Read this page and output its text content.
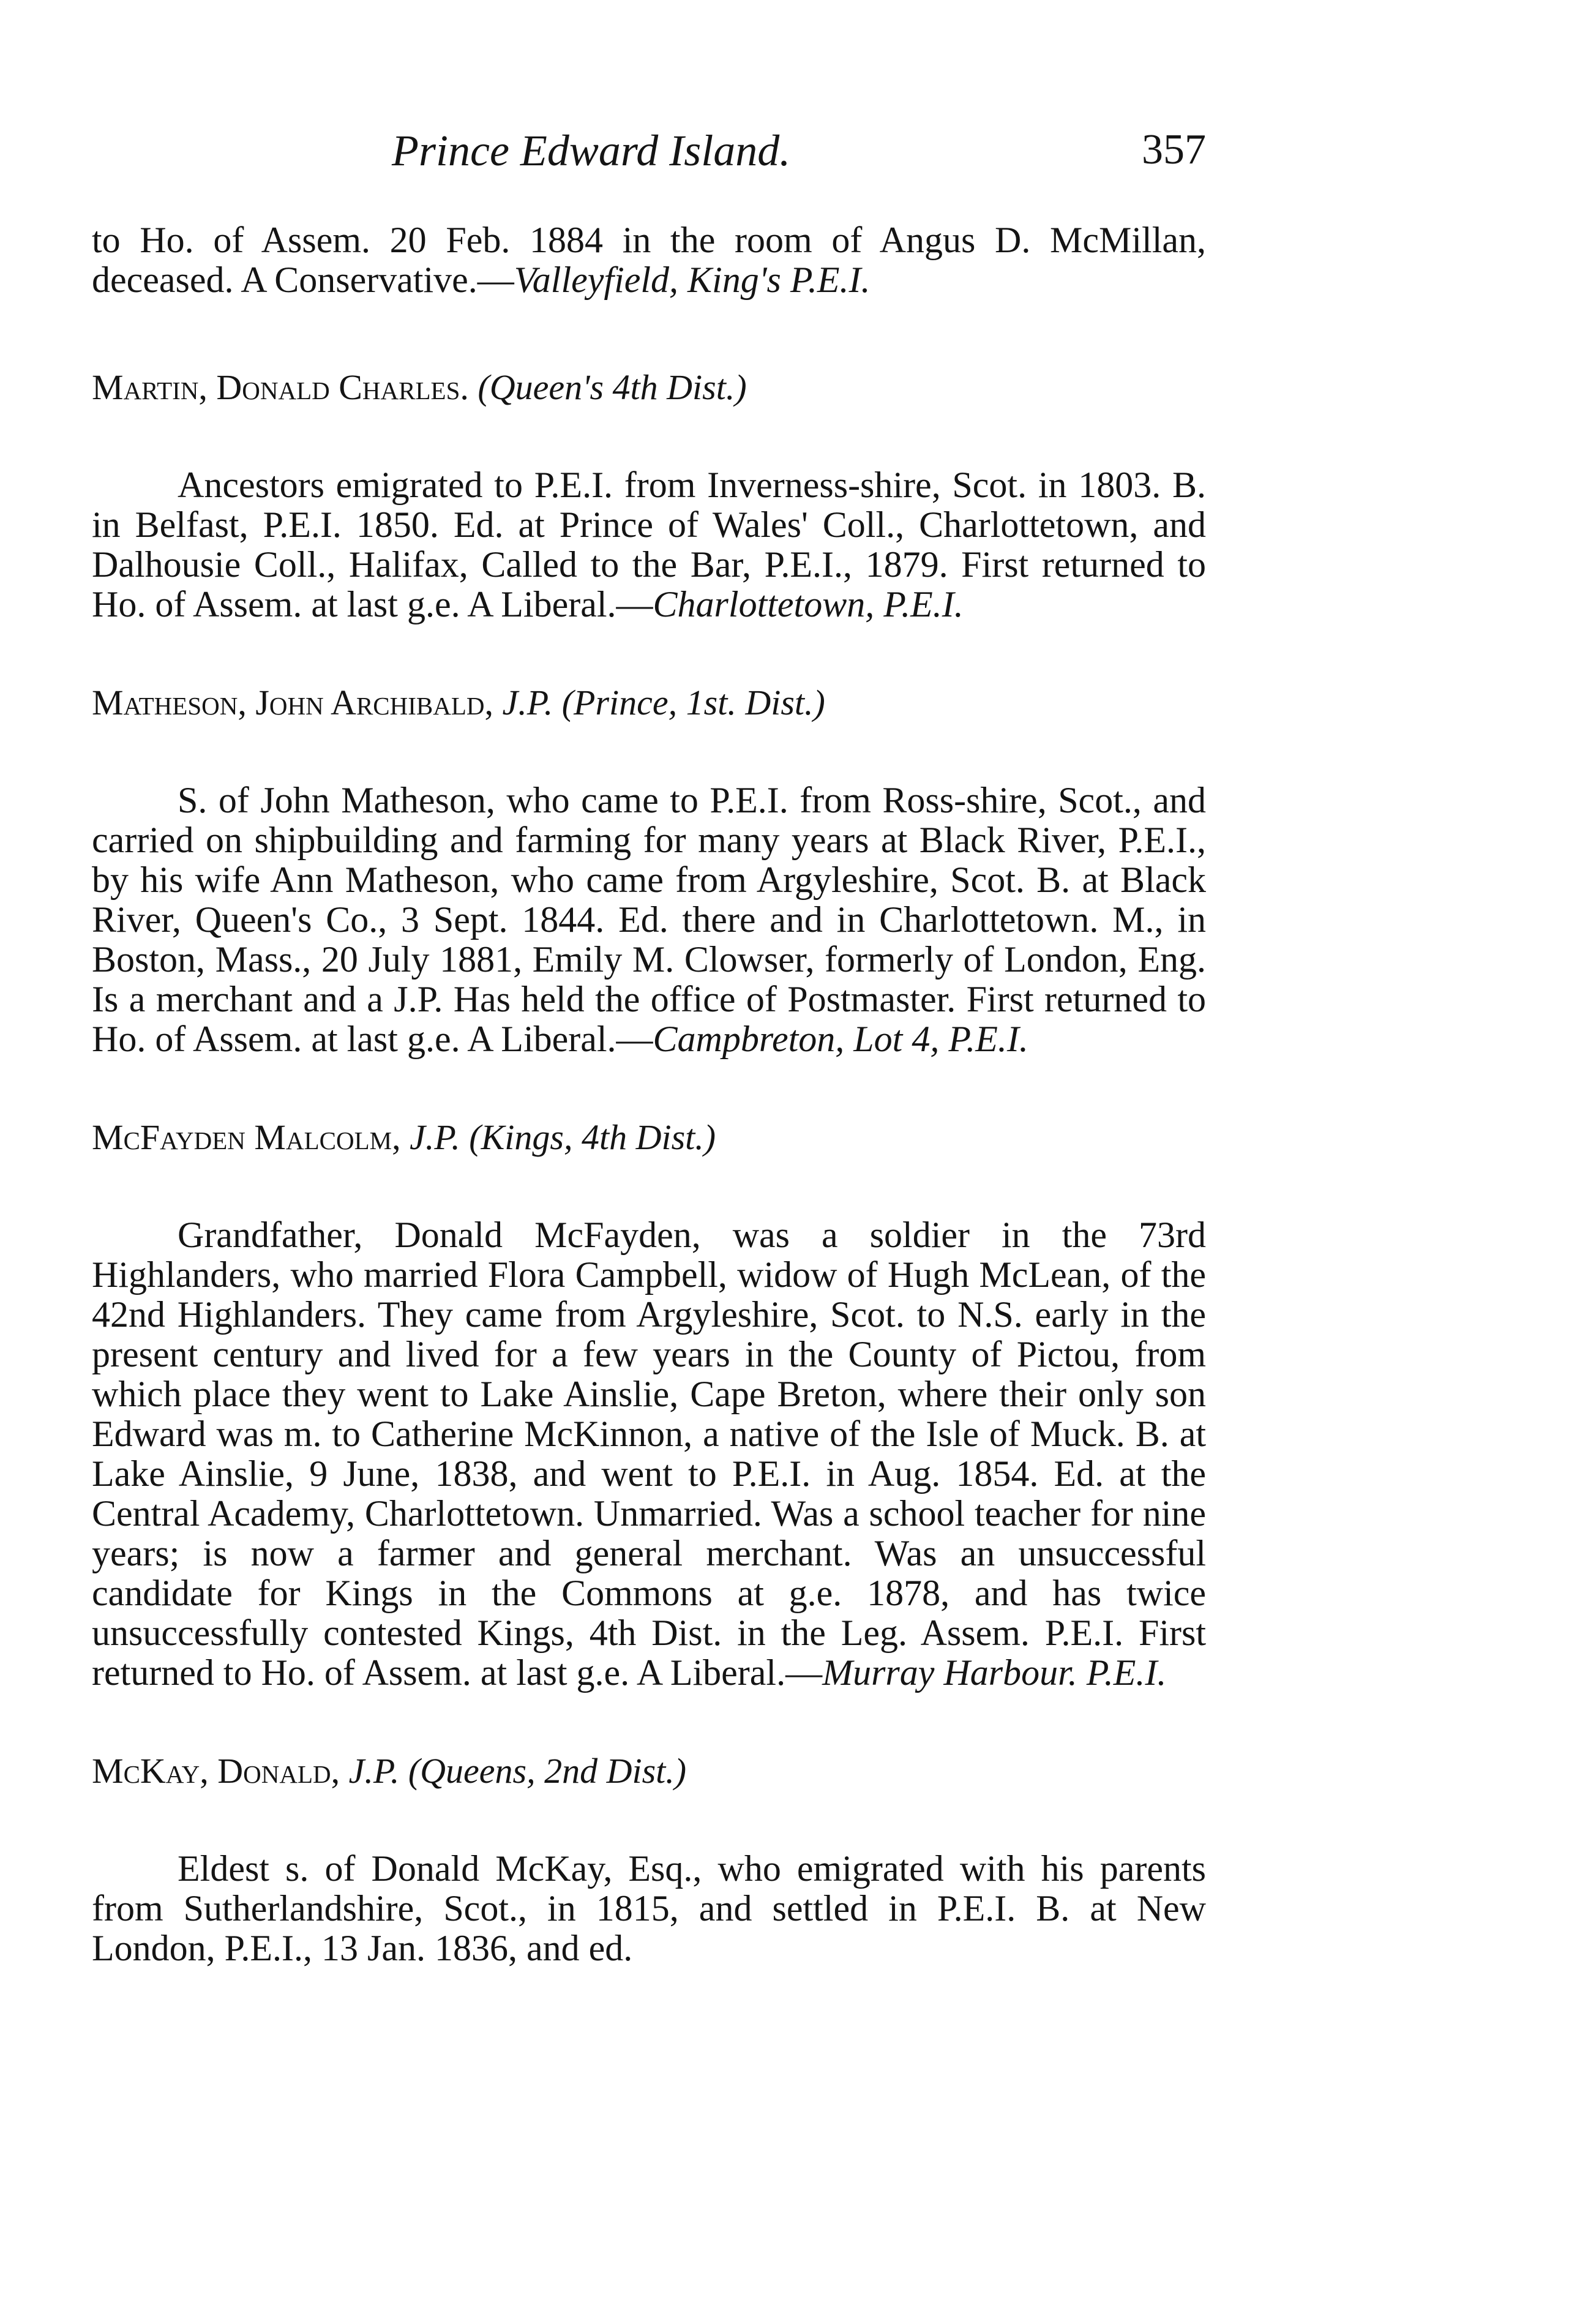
Prince Edward Island.	357

to Ho. of Assem. 20 Feb. 1884 in the room of Angus D. McMillan, deceased. A Conservative.—Valleyfield, King's P.E.I.

Martin, Donald Charles. (Queen's 4th Dist.)

Ancestors emigrated to P.E.I. from Inverness-shire, Scot. in 1803. B. in Belfast, P.E.I. 1850. Ed. at Prince of Wales' Coll., Charlottetown, and Dalhousie Coll., Halifax, Called to the Bar, P.E.I., 1879. First returned to Ho. of Assem. at last g.e. A Liberal.—Charlottetown, P.E.I.

Matheson, John Archibald, J.P. (Prince, 1st. Dist.)

S. of John Matheson, who came to P.E.I. from Ross-shire, Scot., and carried on shipbuilding and farming for many years at Black River, P.E.I., by his wife Ann Matheson, who came from Argyleshire, Scot. B. at Black River, Queen's Co., 3 Sept. 1844. Ed. there and in Charlottetown. M., in Boston, Mass., 20 July 1881, Emily M. Clowser, formerly of London, Eng. Is a merchant and a J.P. Has held the office of Postmaster. First returned to Ho. of Assem. at last g.e. A Liberal.—Campbreton, Lot 4, P.E.I.

McFayden Malcolm, J.P. (Kings, 4th Dist.)

Grandfather, Donald McFayden, was a soldier in the 73rd Highlanders, who married Flora Campbell, widow of Hugh McLean, of the 42nd Highlanders. They came from Argyleshire, Scot. to N.S. early in the present century and lived for a few years in the County of Pictou, from which place they went to Lake Ainslie, Cape Breton, where their only son Edward was m. to Catherine McKinnon, a native of the Isle of Muck. B. at Lake Ainslie, 9 June, 1838, and went to P.E.I. in Aug. 1854. Ed. at the Central Academy, Charlottetown. Unmarried. Was a school teacher for nine years; is now a farmer and general merchant. Was an unsuccessful candidate for Kings in the Commons at g.e. 1878, and has twice unsuccessfully contested Kings, 4th Dist. in the Leg. Assem. P.E.I. First returned to Ho. of Assem. at last g.e. A Liberal.—Murray Harbour. P.E.I.

McKay, Donald, J.P. (Queens, 2nd Dist.)

Eldest s. of Donald McKay, Esq., who emigrated with his parents from Sutherlandshire, Scot., in 1815, and settled in P.E.I. B. at New London, P.E.I., 13 Jan. 1836, and ed.
